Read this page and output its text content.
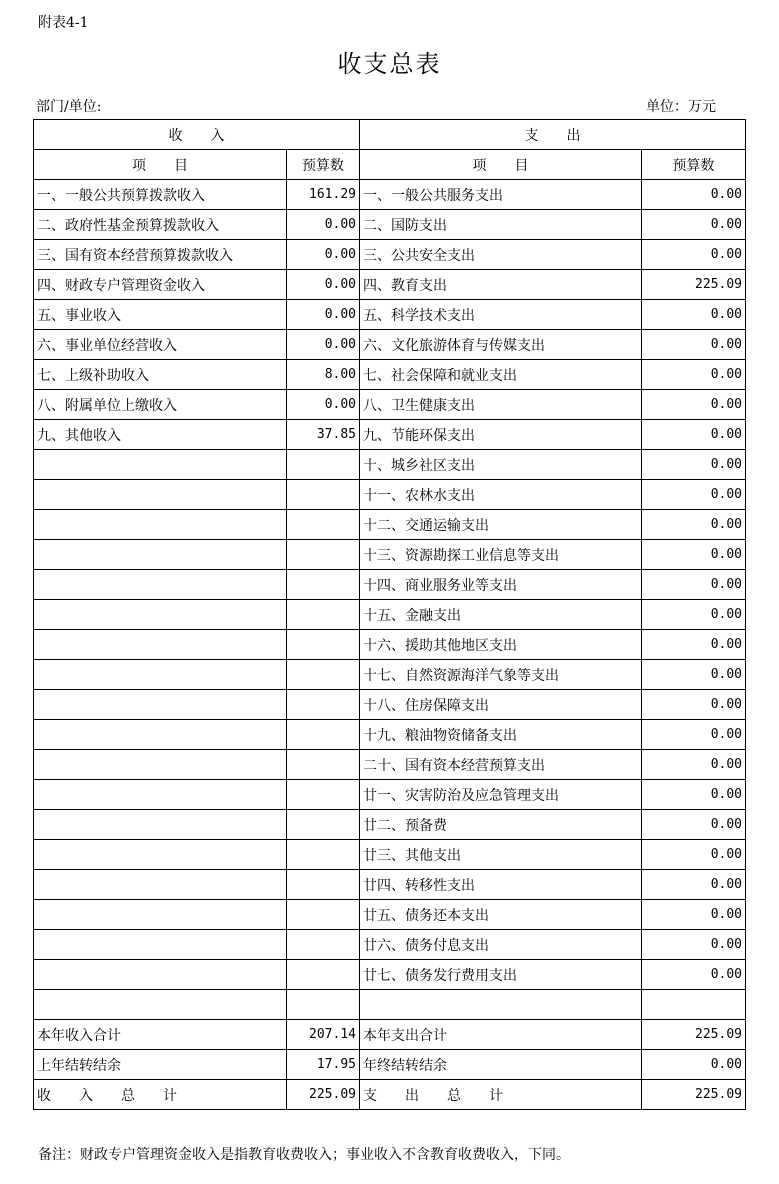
附表4-1
收支总表
部门/单位:	单位：万元
收　　入		支　　出	
项　　目	预算数	项　　目	预算数
一、一般公共预算拨款收入	161.29	一、一般公共服务支出	0.00
二、政府性基金预算拨款收入	0.00	二、国防支出	0.00
三、国有资本经营预算拨款收入	0.00	三、公共安全支出	0.00
四、财政专户管理资金收入	0.00	四、教育支出	225.09
五、事业收入	0.00	五、科学技术支出	0.00
六、事业单位经营收入	0.00	六、文化旅游体育与传媒支出	0.00
七、上级补助收入	8.00	七、社会保障和就业支出	0.00
八、附属单位上缴收入	0.00	八、卫生健康支出	0.00
九、其他收入	37.85	九、节能环保支出	0.00
		十、城乡社区支出	0.00
		十一、农林水支出	0.00
		十二、交通运输支出	0.00
		十三、资源勘探工业信息等支出	0.00
		十四、商业服务业等支出	0.00
		十五、金融支出	0.00
		十六、援助其他地区支出	0.00
		十七、自然资源海洋气象等支出	0.00
		十八、住房保障支出	0.00
		十九、粮油物资储备支出	0.00
		二十、国有资本经营预算支出	0.00
		廿一、灾害防治及应急管理支出	0.00
		廿二、预备费	0.00
		廿三、其他支出	0.00
		廿四、转移性支出	0.00
		廿五、债务还本支出	0.00
		廿六、债务付息支出	0.00
		廿七、债务发行费用支出	0.00

本年收入合计	207.14	本年支出合计	225.09
上年结转结余	17.95	年终结转结余	0.00
收　　入　　总　　计	225.09	支　　出　　总　　计	225.09
备注：财政专户管理资金收入是指教育收费收入；事业收入不含教育收费收入，下同。
